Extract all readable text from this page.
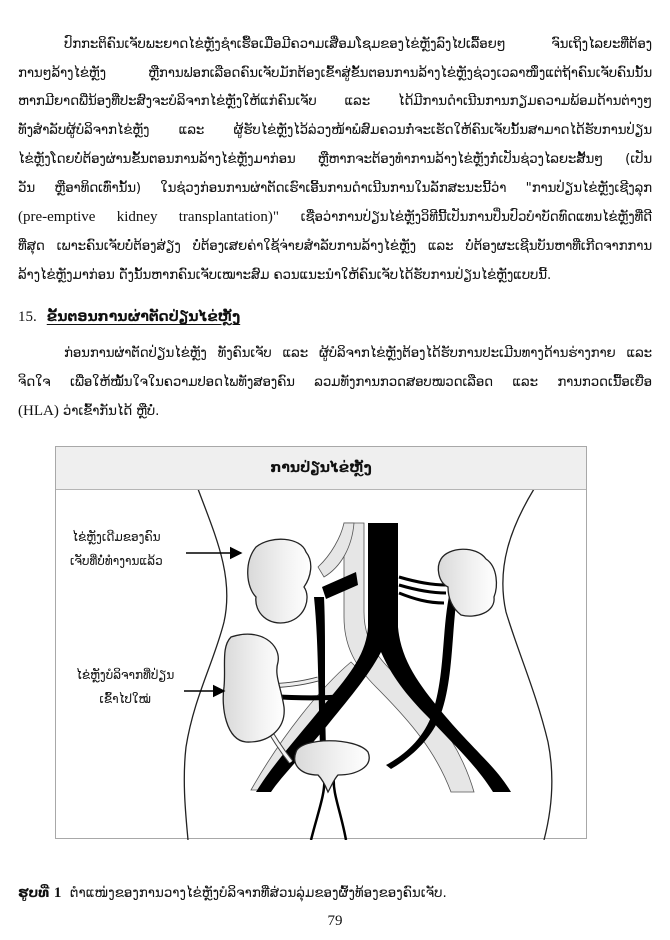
ປົກກະຕິຄົນເຈັບພະຍາດໄຂ່ຫຼັງຊໍາເຮື້ອເມື່ອມີຄວາມເສື່ອມໂຊມຂອງໄຂ່ຫຼັງລົງໄປເລື້ອຍໆ ຈົນເຖິງໄລຍະທີ່ຕ້ອງ
ການໆລ້າງໄຂ່ຫຼັງ ຫຼືການຟອກເລືອດຄົນເຈັບມັກຕ້ອງເຂົ້າສູ່ຂັ້ນຕອນການລ້າງໄຂ່ຫຼັງຊ່ວງເວລາໜຶ່ງແຕ່ຖ້າຄົນເຈັບຄົນນັ້ນ
ຫາກມີຍາດພີ່ນ້ອງທີ່ປະສົງຈະບໍລິຈາກໄຂ່ຫຼັງໃຫ້ແກ່ຄົນເຈັບ ແລະ ໄດ້ມີການດໍາເນີນການກຽມຄວາມພ້ອມດ້ານຕ່າງໆ
ທັງສໍາລັບຜູ້ບໍລິຈາກໄຂ່ຫຼັງ ແລະ ຜູ້ຮັບໄຂ່ຫຼັງໄວ້ລ່ວງໜ້າພໍສົມຄວນກໍ່ຈະເຮັດໃຫ້ຄົນເຈັບນັ້ນສາມາດໄດ້ຮັບການປ່ຽນ
ໄຂ່ຫຼັງໂດຍບໍ່ຕ້ອງຜ່ານຂັ້ນຕອນການລ້າງໄຂ່ຫຼັງມາກ່ອນ ຫຼືຫາກຈະຕ້ອງທໍາການລ້າງໄຂ່ຫຼັງກໍ່ເປັນຊ່ວງໄລຍະສັ້ນໆ (ເປັນ
ວັນ ຫຼືອາທິດເທົ່ານັ້ນ) ໃນຊ່ວງກ່ອນການຜ່າຕັດເຮົາເອີ້ນການດໍາເນີນການໃນລັກສະນະນີ້ວ່າ "ການປ່ຽນໄຂ່ຫຼັງເຊີງລຸກ
(pre-emptive kidney transplantation)" ເຊື່ອວ່າການປ່ຽນໄຂ່ຫຼັງວິທີນີ້ເປັນການປິ່ນປົວບໍາບັດທົດແທນໄຂ່ຫຼັງທີ່ດີ
ທີ່ສຸດ ເພາະຄົນເຈັບບໍ່ຕ້ອງສ່ຽງ ບໍ່ຕ້ອງເສຍຄ່າໃຊ້ຈ່າຍສໍາລັບການລ້າງໄຂ່ຫຼັງ ແລະ ບໍ່ຕ້ອງຜະເຊີນບັນຫາທີ່ເກີດຈາກການ
ລ້າງໄຂ່ຫຼັງມາກ່ອນ ດັ່ງນັ້ນຫາກຄົນເຈັບເໝາະສົມ ຄວນແນະນໍາໃຫ້ຄົນເຈັບໄດ້ຮັບການປ່ຽນໄຂ່ຫຼັງແບບນີ້.
15. ຂັ້ນຕອນການຜ່າຕັດປ່ຽນໄຂ່ຫຼັງ
ກ່ອນການຜ່າຕັດປ່ຽນໄຂ່ຫຼັງ ທັງຄົນເຈັບ ແລະ ຜູ້ບໍລິຈາກໄຂ່ຫຼັງຕ້ອງໄດ້ຮັບການປະເມີນທາງດ້ານຮ່າງກາຍ ແລະ
ຈິດໃຈ ເພື່ອໃຫ້ໝັ້ນໃຈໃນຄວາມປອດໄພທັງສອງຄົນ ລວມທັງການກວດສອບໝວດເລືອດ ແລະ ການກວດເນື້ອເຍື່ອ
(HLA) ວ່າເຂົ້າກັນໄດ້ ຫຼືບໍ່.
ການປ່ຽນໄຂ່ຫຼັງ
ໄຂ່ຫຼັງເດີມຂອງຄົນ
ເຈັບທີ່ບໍ່ທໍາງານແລ້ວ
ໄຂ່ຫຼັງບໍລິຈາກທີ່ປ່ຽນ
ເຂົ້າໄປໃໝ່
ຮູບທີ່ 1 ຕໍາແໜ່ງຂອງການວາງໄຂ່ຫຼັງບໍລິຈາກທີ່ສ່ວນລຸ່ມຂອງຜົ້ງທ້ອງຂອງຄົນເຈັບ.
79
